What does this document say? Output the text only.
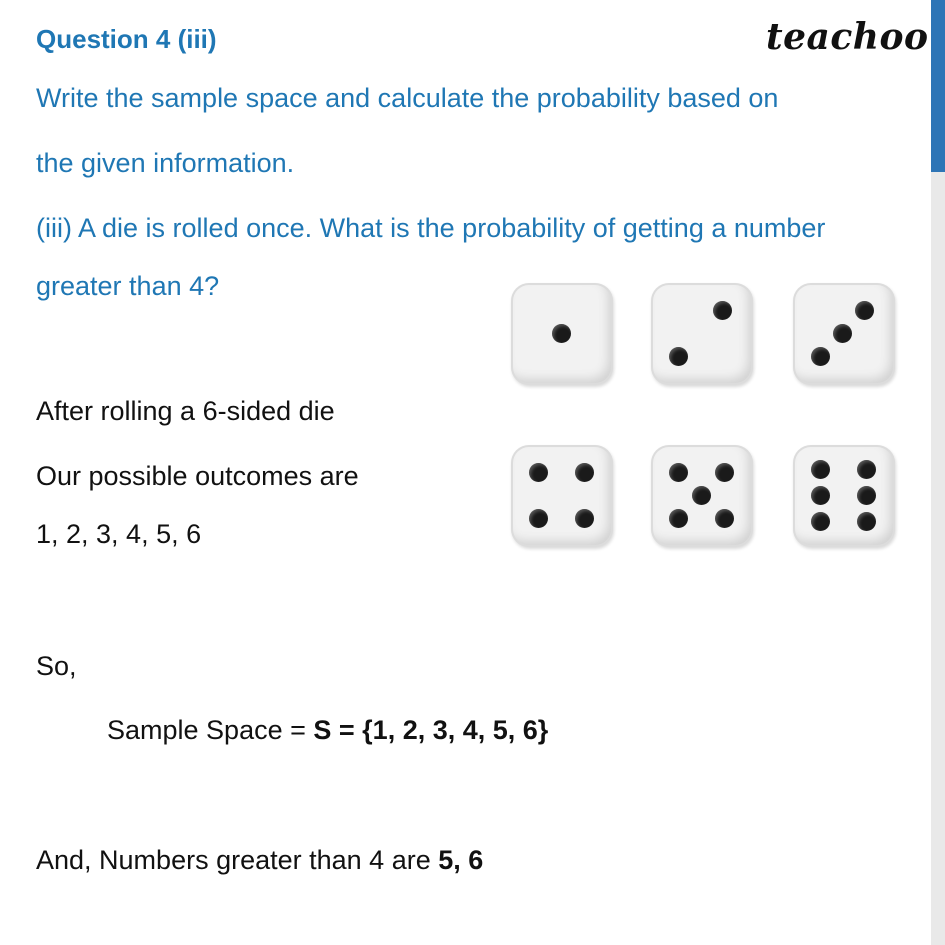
Question 4 (iii)	teachoo
Write the sample space and calculate the probability based on
the given information.
(iii) A die is rolled once. What is the probability of getting a number
greater than 4?
After rolling a 6-sided die
Our possible outcomes are
1, 2, 3, 4, 5, 6
So,
Sample Space = S = {1, 2, 3, 4, 5, 6}
And, Numbers greater than 4 are 5, 6
